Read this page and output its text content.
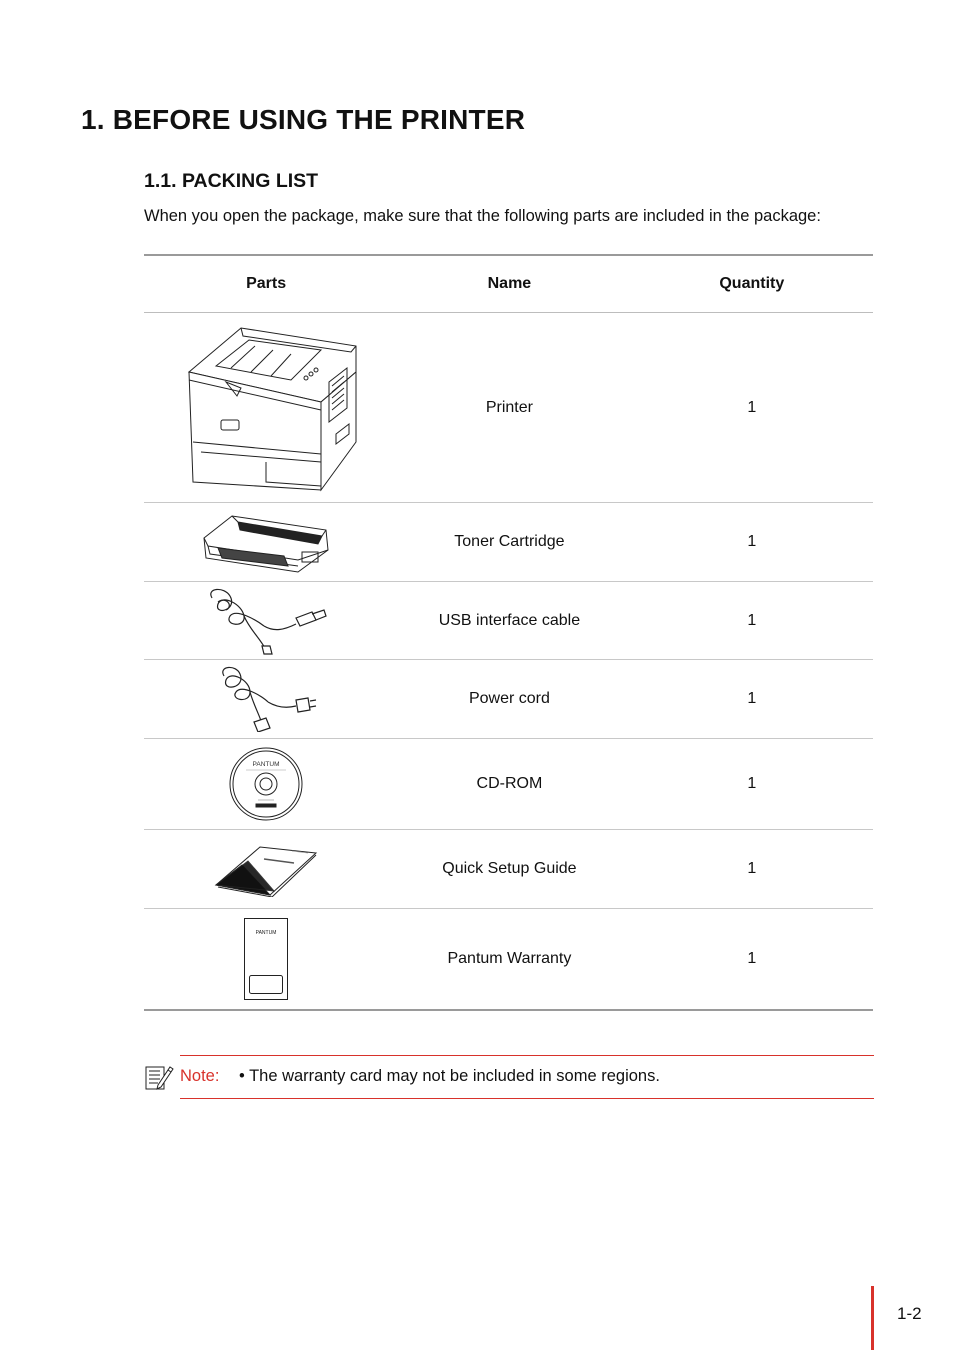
1. BEFORE USING THE PRINTER
1.1. PACKING LIST

When you open the package, make sure that the following parts are included in the package:

Parts	Name	Quantity

	Printer	1

	Toner Cartridge	1

	USB interface cable	1

	Power cord	1

PANTUM	CD-ROM	1

	Quick Setup Guide	1

PANTUM	Pantum Warranty	1
Note: • The warranty card may not be included in some regions.
1-2
